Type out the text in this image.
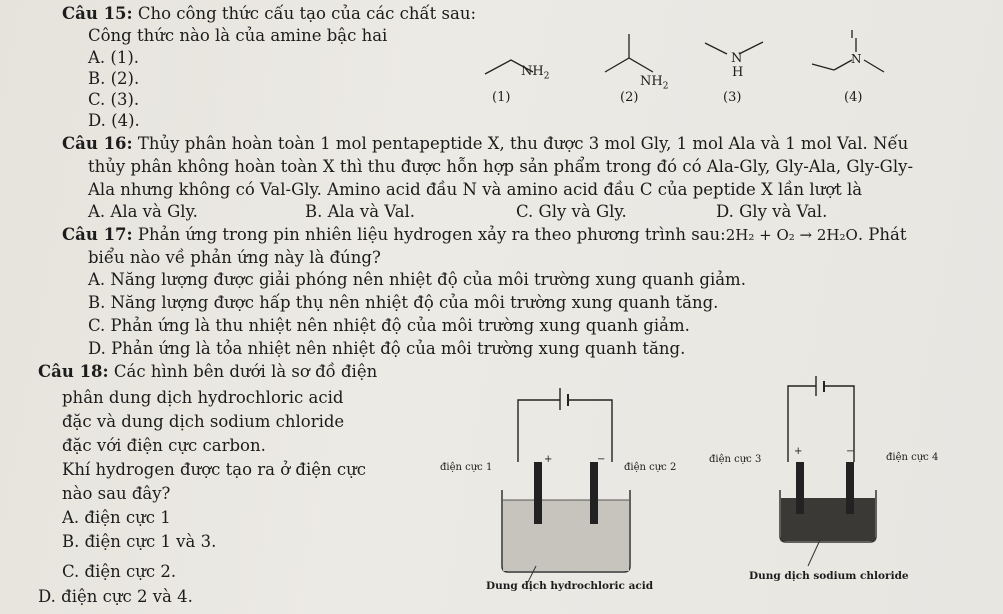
Câu 15: Cho công thức cấu tạo của các chất sau:
Công thức nào là của amine bậc hai
A. (1).
B. (2).
C. (3).
D. (4).
$NH_2$
(1)
$NH_2$
(2)
N
H
(3)
N
(4)
Câu 16: Thủy phân hoàn toàn 1 mol pentapeptide X, thu được 3 mol Gly, 1 mol Ala và 1 mol Val. Nếu
thủy phân không hoàn toàn X thì thu được hỗn hợp sản phẩm trong đó có Ala-Gly, Gly-Ala, Gly-Gly-
Ala nhưng không có Val-Gly. Amino acid đầu N và amino acid đầu C của peptide X lần lượt là
A. Ala và Gly.	B. Ala và Val.	C. Gly và Gly.	D. Gly và Val.
Câu 17: Phản ứng trong pin nhiên liệu hydrogen xảy ra theo phương trình sau:2H₂ + O₂ → 2H₂O. Phát
biểu nào về phản ứng này là đúng?
A. Năng lượng được giải phóng nên nhiệt độ của môi trường xung quanh giảm.
B. Năng lượng được hấp thụ nên nhiệt độ của môi trường xung quanh tăng.
C. Phản ứng là thu nhiệt nên nhiệt độ của môi trường xung quanh giảm.
D. Phản ứng là tỏa nhiệt nên nhiệt độ của môi trường xung quanh tăng.
Câu 18: Các hình bên dưới là sơ đồ điện
phân dung dịch hydrochloric acid
đặc và dung dịch sodium chloride
đặc với điện cực carbon.
Khí hydrogen được tạo ra ở điện cực
nào sau đây?
A. điện cực 1
B. điện cực 1 và 3.
C. điện cực 2.
D. điện cực 2 và 4.
+	−
điện cực 1	điện cực 2
Dung dịch hydrochloric acid
+	−
điện cực 3	điện cực 4
Dung dịch sodium chloride
